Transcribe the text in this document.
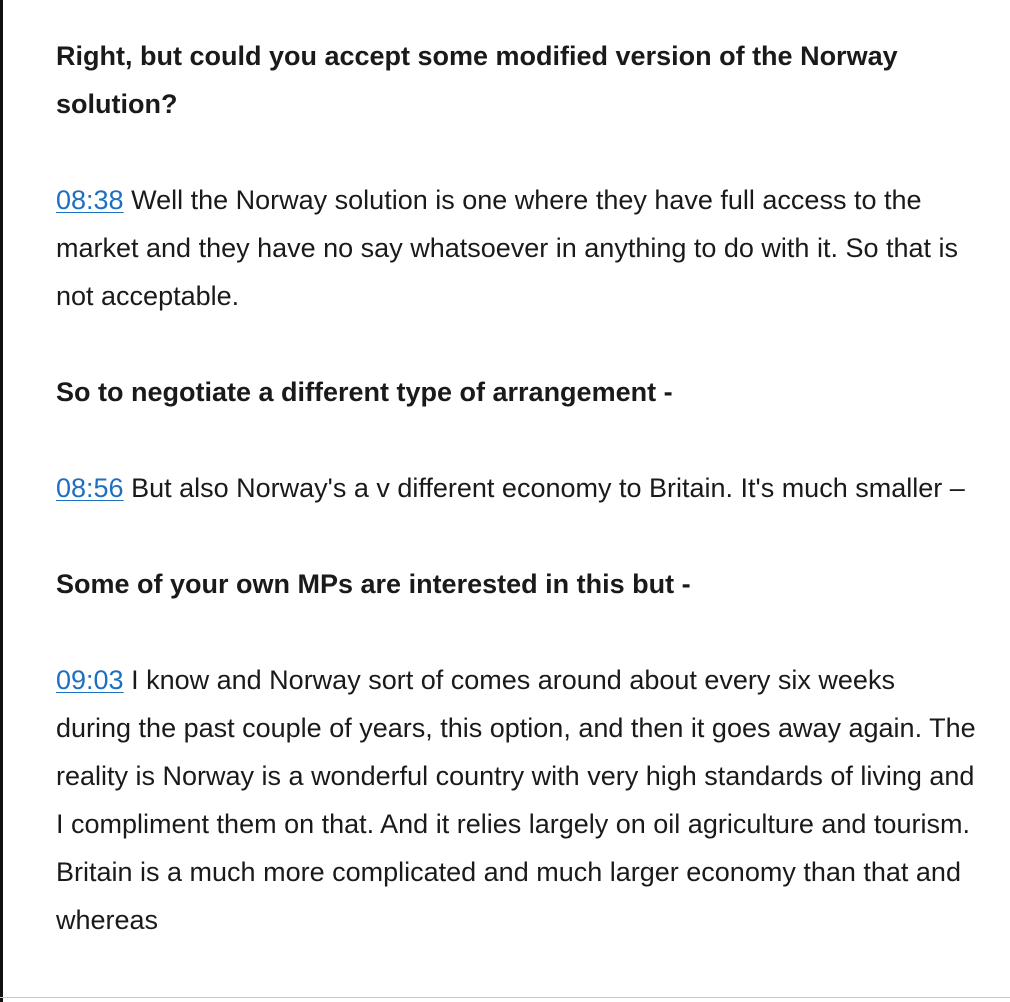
Right, but could you accept some modified version of the Norway solution?

08:38 Well the Norway solution is one where they have full access to the market and they have no say whatsoever in anything to do with it. So that is not acceptable.

So to negotiate a different type of arrangement -

08:56 But also Norway's a v different economy to Britain. It's much smaller –

Some of your own MPs are interested in this but -

09:03 I know and Norway sort of comes around about every six weeks during the past couple of years, this option, and then it goes away again. The reality is Norway is a wonderful country with very high standards of living and I compliment them on that. And it relies largely on oil agriculture and tourism. Britain is a much more complicated and much larger economy than that and whereas
